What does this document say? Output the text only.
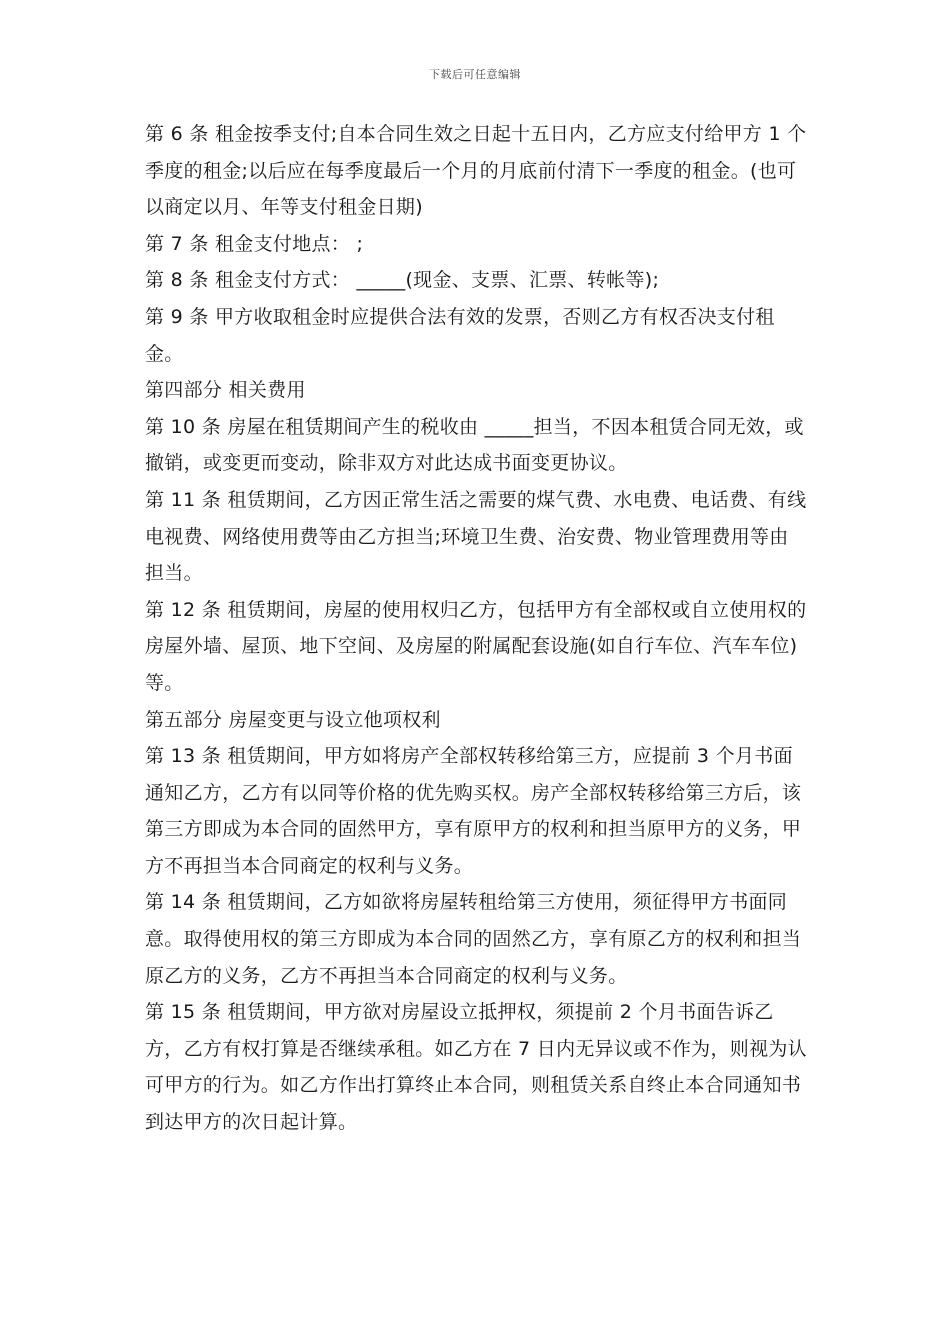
下载后可任意编辑

第 6 条 租金按季支付;自本合同生效之日起十五日内，乙方应支付给甲方 1 个季度的租金;以后应在每季度最后一个月的月底前付清下一季度的租金。(也可以商定以月、年等支付租金日期)

第 7 条 租金支付地点： ;

第 8 条 租金支付方式： _____(现金、支票、汇票、转帐等);

第 9 条 甲方收取租金时应提供合法有效的发票，否则乙方有权否决支付租金。

第四部分 相关费用

第 10 条 房屋在租赁期间产生的税收由 _____担当，不因本租赁合同无效，或撤销，或变更而变动，除非双方对此达成书面变更协议。

第 11 条 租赁期间，乙方因正常生活之需要的煤气费、水电费、电话费、有线电视费、网络使用费等由乙方担当;环境卫生费、治安费、物业管理费用等由 担当。

第 12 条 租赁期间，房屋的使用权归乙方，包括甲方有全部权或自立使用权的房屋外墙、屋顶、地下空间、及房屋的附属配套设施(如自行车位、汽车车位)等。

第五部分 房屋变更与设立他项权利

第 13 条 租赁期间，甲方如将房产全部权转移给第三方，应提前 3 个月书面通知乙方，乙方有以同等价格的优先购买权。房产全部权转移给第三方后，该第三方即成为本合同的固然甲方，享有原甲方的权利和担当原甲方的义务，甲方不再担当本合同商定的权利与义务。

第 14 条 租赁期间，乙方如欲将房屋转租给第三方使用，须征得甲方书面同意。取得使用权的第三方即成为本合同的固然乙方，享有原乙方的权利和担当原乙方的义务，乙方不再担当本合同商定的权利与义务。

第 15 条 租赁期间，甲方欲对房屋设立抵押权，须提前 2 个月书面告诉乙方，乙方有权打算是否继续承租。如乙方在 7 日内无异议或不作为，则视为认可甲方的行为。如乙方作出打算终止本合同，则租赁关系自终止本合同通知书到达甲方的次日起计算。
